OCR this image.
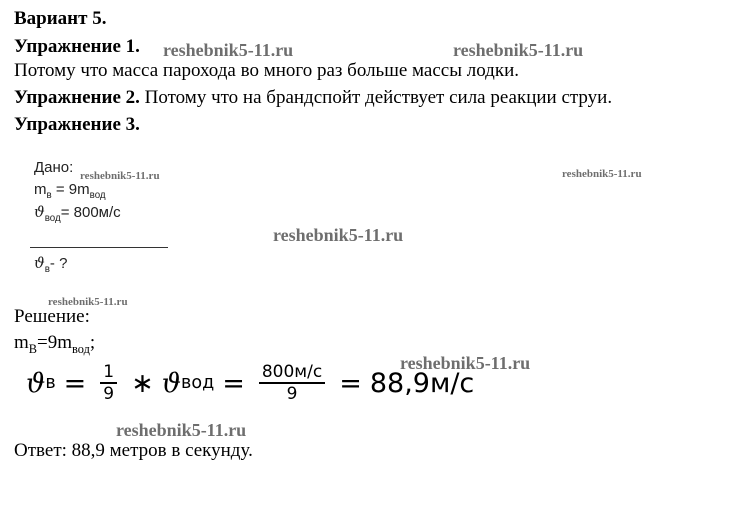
Вариант 5.
Упражнение 1.
Потому что масса парохода во много раз больше массы лодки.
Упражнение 2. Потому что на брандспойт действует сила реакции струи.
Упражнение 3.
Дано:
$m_в = 9m_{вод}$
$ϑ_{вод}= 800м/с$
$ϑ_в-$ ?
Решение:
$m_В=9m_{вод}$;
ϑ $в = \frac{1}{9}$ ∗ ϑ вод = $\frac{800м/с}{9} = 88,9м/с$
Ответ: 88,9 метров в секунду.
reshebnik5-11.ru	reshebnik5-11.ru
reshebnik5-11.ru	reshebnik5-11.ru
reshebnik5-11.ru
reshebnik5-11.ru
reshebnik5-11.ru
reshebnik5-11.ru
